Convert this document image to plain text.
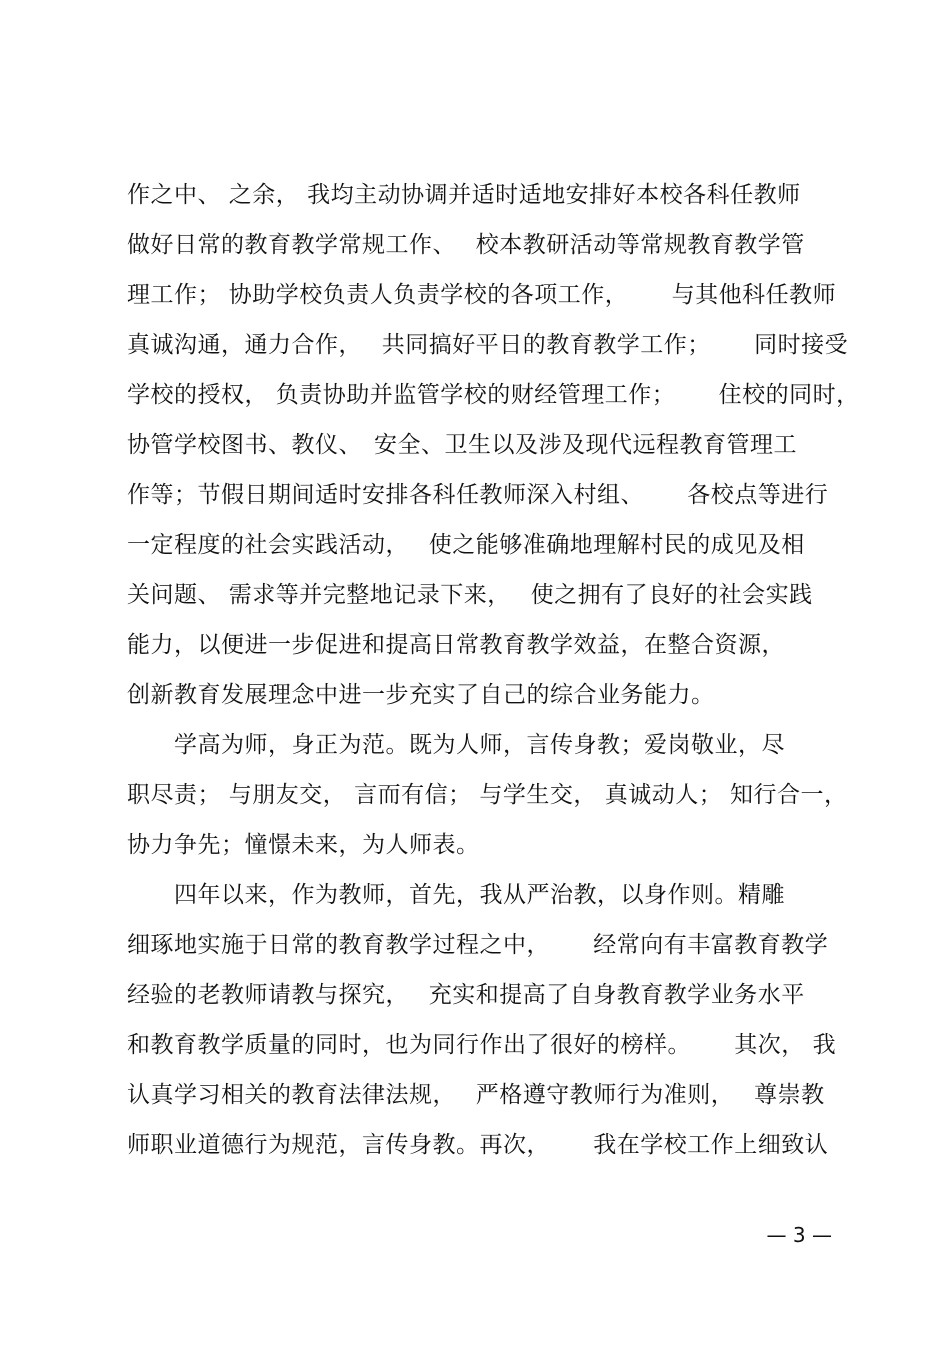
作之中、 之余， 我均主动协调并适时适地安排好本校各科任教师
做好日常的教育教学常规工作、　 校本教研活动等常规教育教学管
理工作； 协助学校负责人负责学校的各项工作，　　 与其他科任教师
真诚沟通，通力合作，　 共同搞好平日的教育教学工作；　　 同时接受
学校的授权， 负责协助并监管学校的财经管理工作；　　 住校的同时，
协管学校图书、教仪、　安全、卫生以及涉及现代远程教育管理工
作等；节假日期间适时安排各科任教师深入村组、　　 各校点等进行
一定程度的社会实践活动，　 使之能够准确地理解村民的成见及相
关问题、 需求等并完整地记录下来，　 使之拥有了良好的社会实践
能力，以便进一步促进和提高日常教育教学效益，在整合资源，
创新教育发展理念中进一步充实了自己的综合业务能力。
　　学高为师，身正为范。既为人师，言传身教；爱岗敬业，尽
职尽责； 与朋友交， 言而有信； 与学生交， 真诚动人； 知行合一，
协力争先；憧憬未来，为人师表。
　　四年以来，作为教师，首先，我从严治教，以身作则。精雕
细琢地实施于日常的教育教学过程之中，　　 经常向有丰富教育教学
经验的老教师请教与探究，　 充实和提高了自身教育教学业务水平
和教育教学质量的同时，也为同行作出了很好的榜样。　　 其次， 我
认真学习相关的教育法律法规，　 严格遵守教师行为准则，　 尊崇教
师职业道德行为规范，言传身教。再次，　　 我在学校工作上细致认
— 3 —
